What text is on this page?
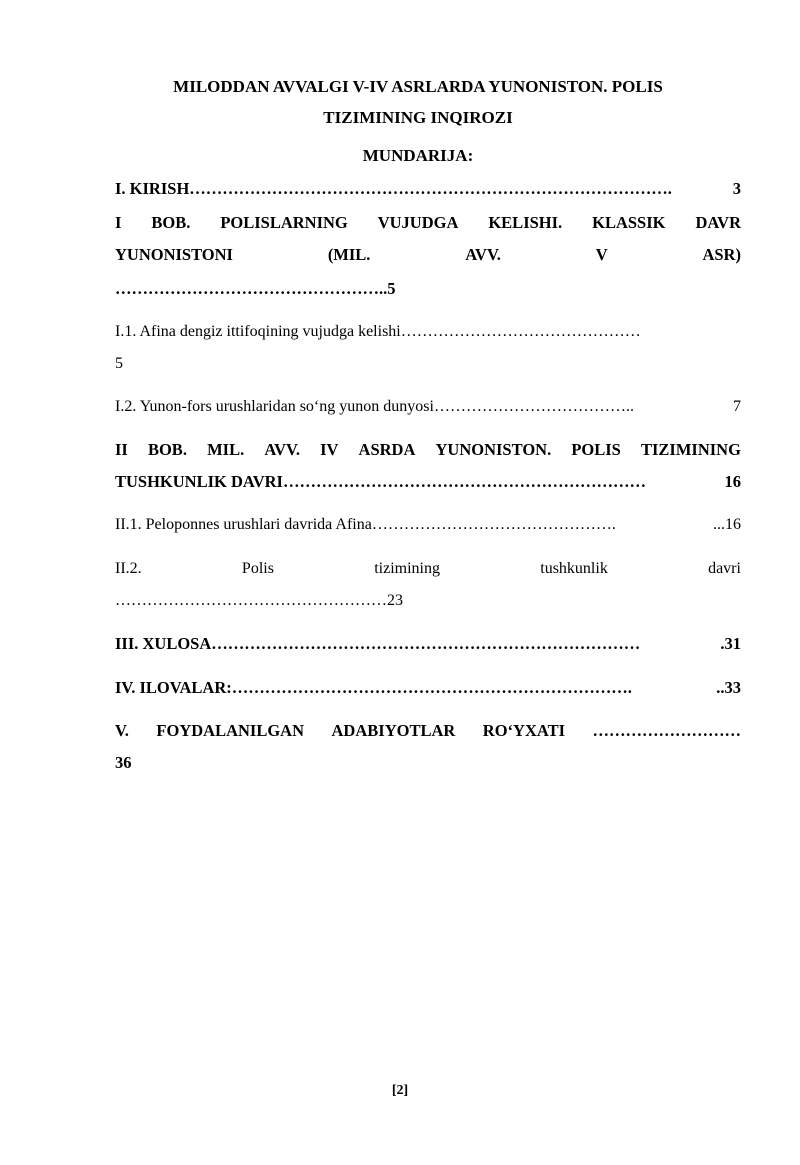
MILODDAN AVVALGI V-IV ASRLARDA YUNONISTON. POLIS
TIZIMINING INQIROZI
MUNDARIJA:
I. KIRISH …………………………………………………………………………….	3
I BOB. POLISLARNING VUJUDGA KELISHI. KLASSIK DAVR
YUNONISTONI	(MIL.	AVV.	V	ASR)
…………………………………………..5
I.1. Afina dengiz ittifoqining vujudga kelishi ………………………………………
5
I.2. Yunon-fors urushlaridan so‘ng yunon dunyosi ………………………………..	7
II BOB. MIL. AVV. IV ASRDA YUNONISTON. POLIS TIZIMINING
TUSHKUNLIK DAVRI …………………………………………………………	16
II.1. Peloponnes urushlari davrida Afina ……………………………………….	...16
II.2.	Polis	tizimining	tushkunlik	davri
……………………………………………23
III. XULOSA ……………………………………………………………………	.31
IV. ILOVALAR: ……………………………………………………………….	..33
V. FOYDALANILGAN ADABIYOTLAR RO‘YXATI ………………………
36
[2]
